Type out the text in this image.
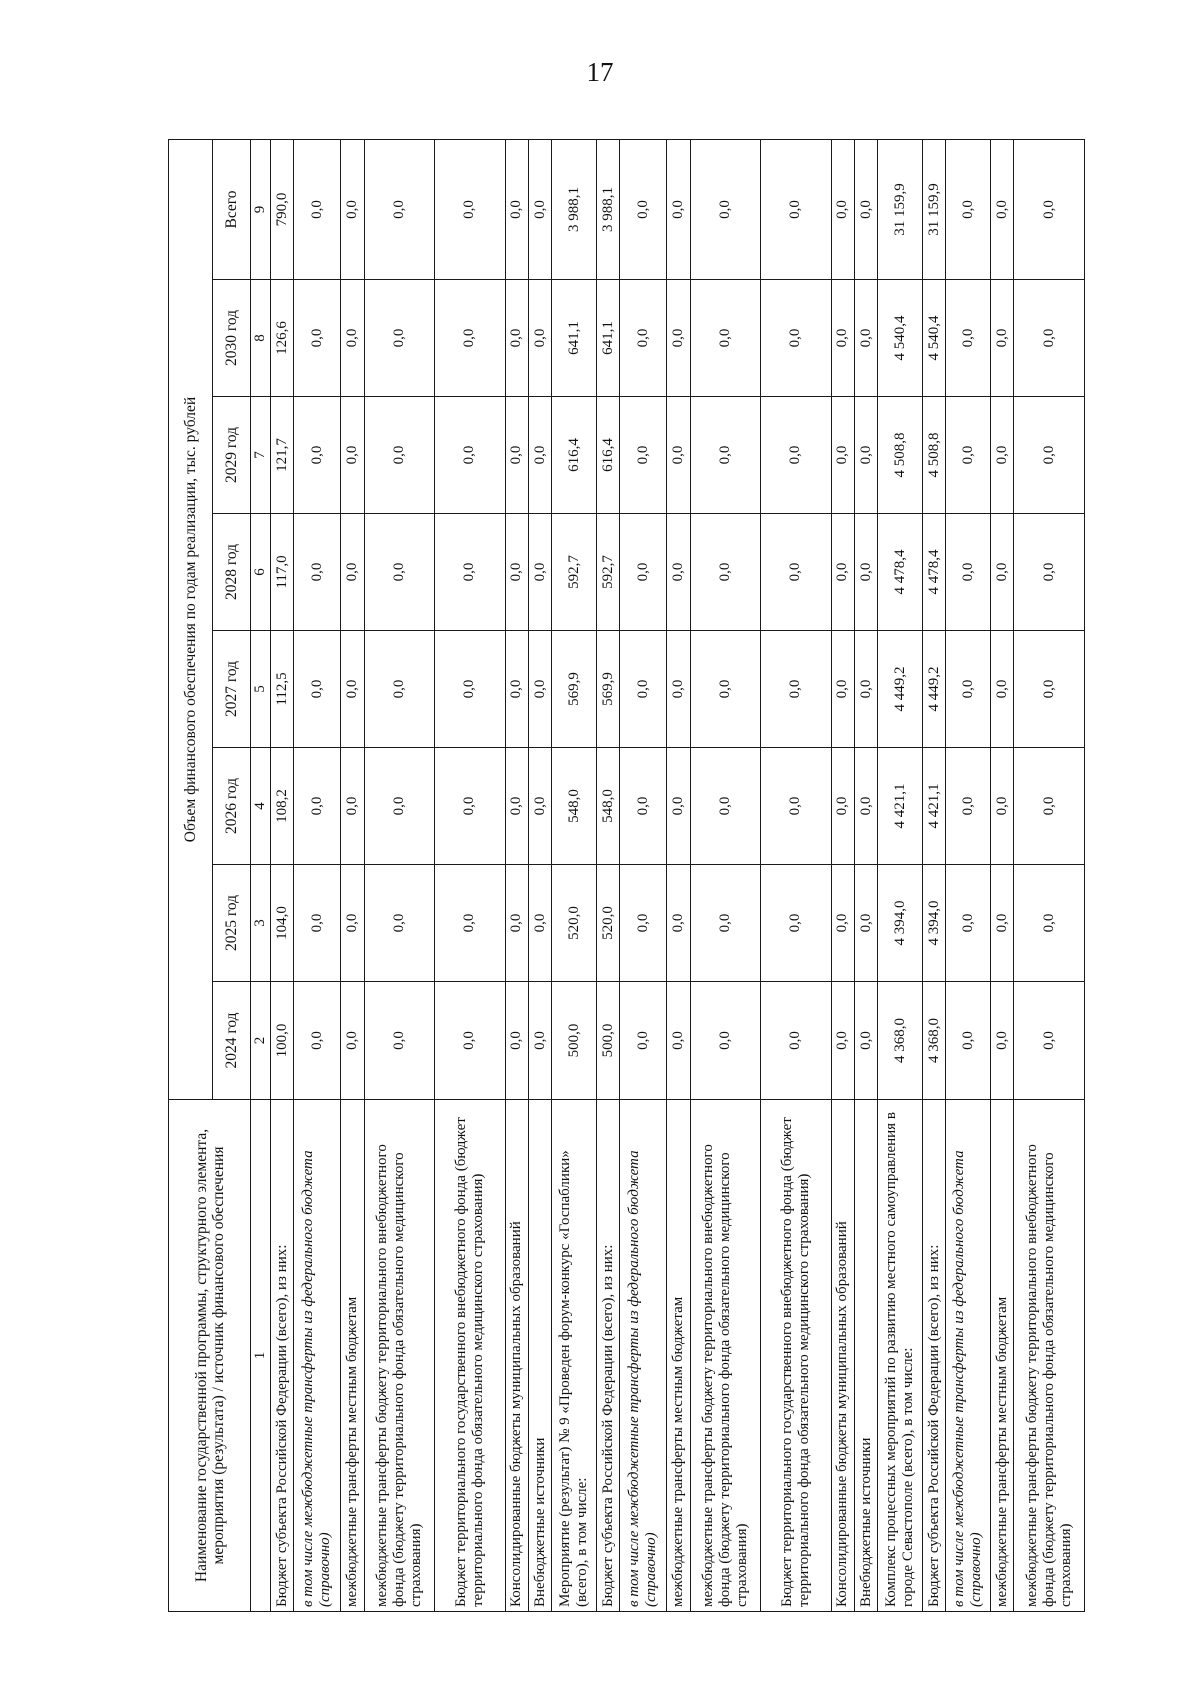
17
Наименование государственной программы, структурного элемента, мероприятия (результата) / источник финансового обеспечения	Объем финансового обеспечения по годам реализации, тыс. рублей							
	2024 год	2025 год	2026 год	2027 год	2028 год	2029 год	2030 год	Всего
1	2	3	4	5	6	7	8	9
Бюджет субъекта Российской Федерации (всего), из них:	100,0	104,0	108,2	112,5	117,0	121,7	126,6	790,0
в том числе межбюджетные трансферты из федерального бюджета (справочно)	0,0	0,0	0,0	0,0	0,0	0,0	0,0	0,0
межбюджетные трансферты местным бюджетам	0,0	0,0	0,0	0,0	0,0	0,0	0,0	0,0
межбюджетные трансферты бюджету территориального внебюджетного фонда (бюджету территориального фонда обязательного медицинского страхования)	0,0	0,0	0,0	0,0	0,0	0,0	0,0	0,0
Бюджет территориального государственного внебюджетного фонда (бюджет территориального фонда обязательного медицинского страхования)	0,0	0,0	0,0	0,0	0,0	0,0	0,0	0,0
Консолидированные бюджеты муниципальных образований	0,0	0,0	0,0	0,0	0,0	0,0	0,0	0,0
Внебюджетные источники	0,0	0,0	0,0	0,0	0,0	0,0	0,0	0,0
Мероприятие (результат) № 9 «Проведен форум-конкурс «Госпаблики» (всего), в том числе:	500,0	520,0	548,0	569,9	592,7	616,4	641,1	3 988,1
Бюджет субъекта Российской Федерации (всего), из них:	500,0	520,0	548,0	569,9	592,7	616,4	641,1	3 988,1
в том числе межбюджетные трансферты из федерального бюджета (справочно)	0,0	0,0	0,0	0,0	0,0	0,0	0,0	0,0
межбюджетные трансферты местным бюджетам	0,0	0,0	0,0	0,0	0,0	0,0	0,0	0,0
межбюджетные трансферты бюджету территориального внебюджетного фонда (бюджету территориального фонда обязательного медицинского страхования)	0,0	0,0	0,0	0,0	0,0	0,0	0,0	0,0
Бюджет территориального государственного внебюджетного фонда (бюджет территориального фонда обязательного медицинского страхования)	0,0	0,0	0,0	0,0	0,0	0,0	0,0	0,0
Консолидированные бюджеты муниципальных образований	0,0	0,0	0,0	0,0	0,0	0,0	0,0	0,0
Внебюджетные источники	0,0	0,0	0,0	0,0	0,0	0,0	0,0	0,0
Комплекс процессных мероприятий по развитию местного самоуправления в городе Севастополе (всего), в том числе:	4 368,0	4 394,0	4 421,1	4 449,2	4 478,4	4 508,8	4 540,4	31 159,9
Бюджет субъекта Российской Федерации (всего), из них:	4 368,0	4 394,0	4 421,1	4 449,2	4 478,4	4 508,8	4 540,4	31 159,9
в том числе межбюджетные трансферты из федерального бюджета (справочно)	0,0	0,0	0,0	0,0	0,0	0,0	0,0	0,0
межбюджетные трансферты местным бюджетам	0,0	0,0	0,0	0,0	0,0	0,0	0,0	0,0
межбюджетные трансферты бюджету территориального внебюджетного фонда (бюджету территориального фонда обязательного медицинского страхования)	0,0	0,0	0,0	0,0	0,0	0,0	0,0	0,0
